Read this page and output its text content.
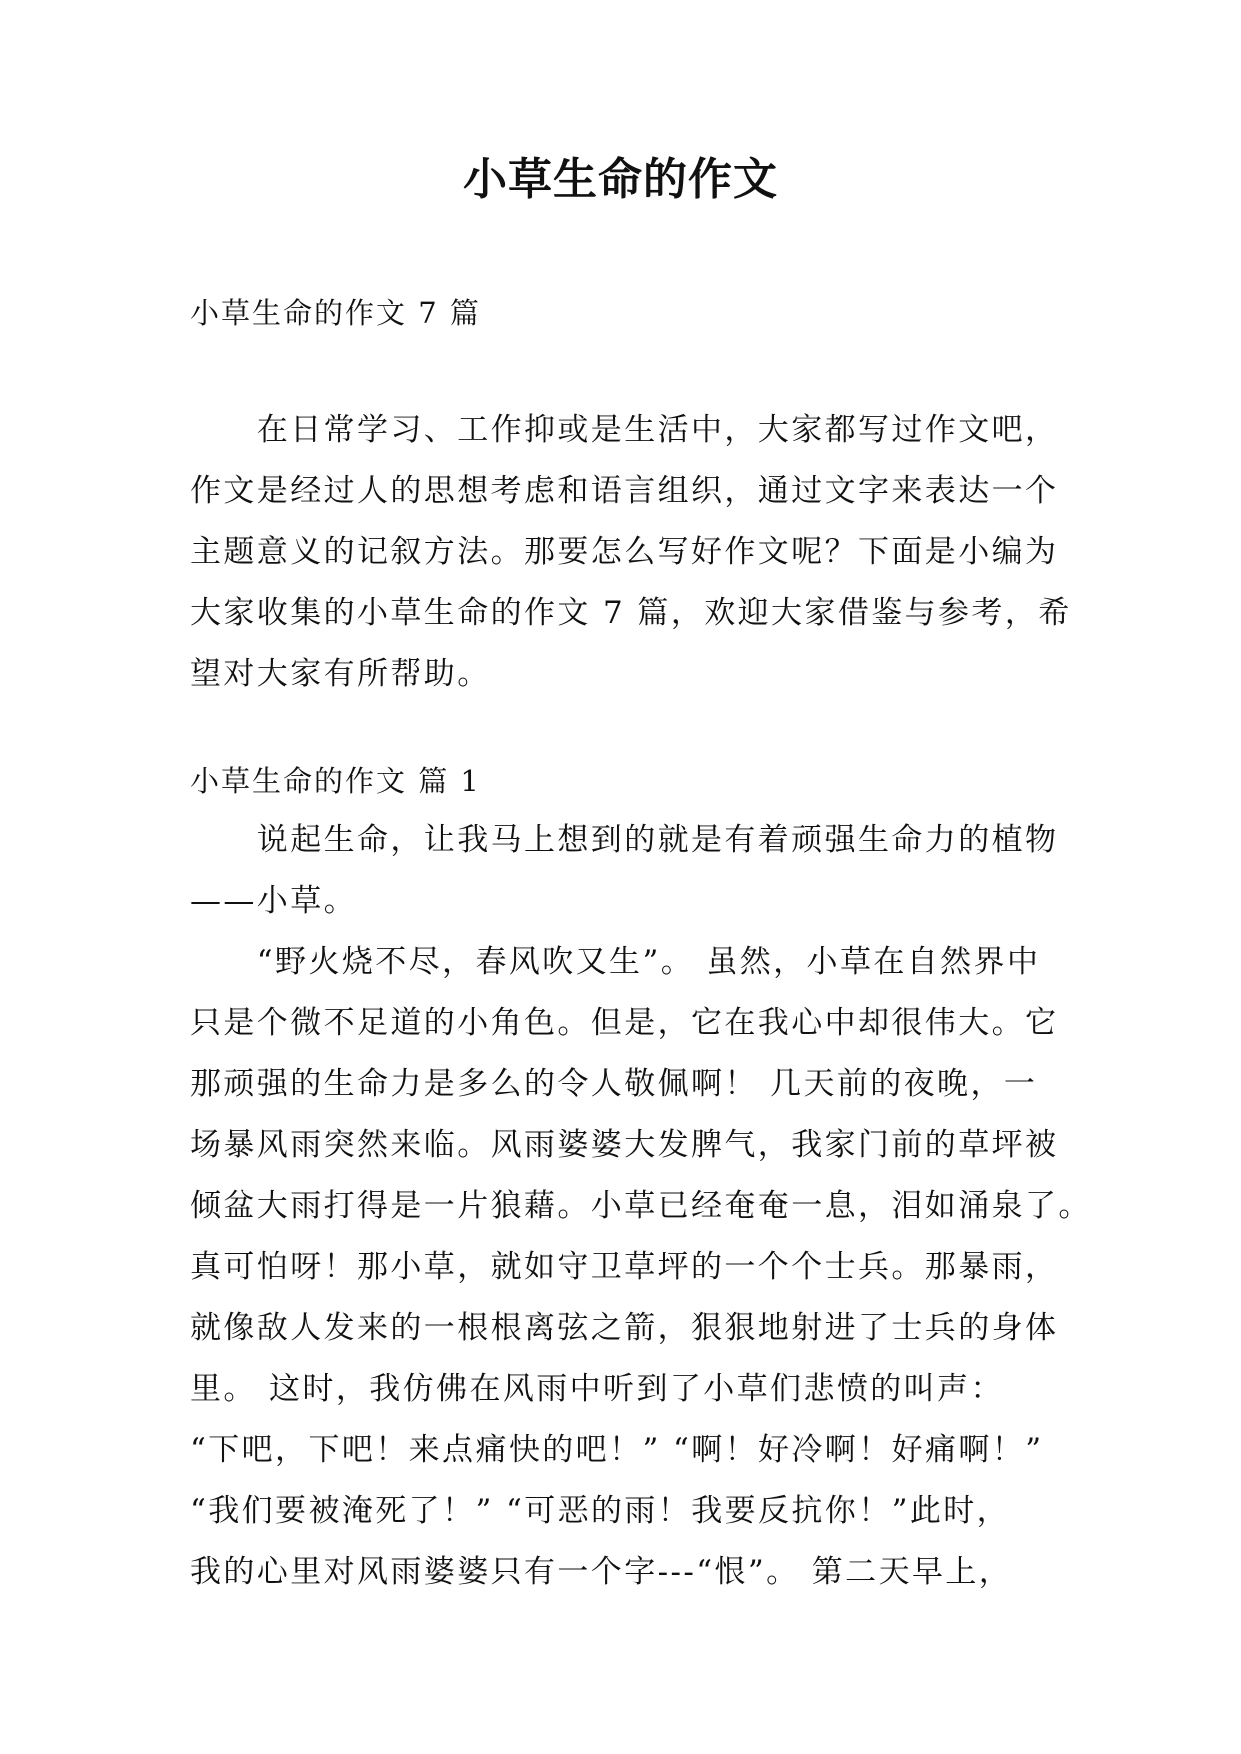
小草生命的作文
小草生命的作文 7 篇
　　在日常学习、工作抑或是生活中，大家都写过作文吧，
作文是经过人的思想考虑和语言组织，通过文字来表达一个
主题意义的记叙方法。那要怎么写好作文呢？下面是小编为
大家收集的小草生命的作文 7 篇，欢迎大家借鉴与参考，希
望对大家有所帮助。
小草生命的作文 篇 1
　　说起生命，让我马上想到的就是有着顽强生命力的植物
——小草。
　　“野火烧不尽，春风吹又生”。 虽然，小草在自然界中
只是个微不足道的小角色。但是，它在我心中却很伟大。它
那顽强的生命力是多么的令人敬佩啊！ 几天前的夜晚，一
场暴风雨突然来临。风雨婆婆大发脾气，我家门前的草坪被
倾盆大雨打得是一片狼藉。小草已经奄奄一息，泪如涌泉了。
真可怕呀！那小草，就如守卫草坪的一个个士兵。那暴雨，
就像敌人发来的一根根离弦之箭，狠狠地射进了士兵的身体
里。 这时，我仿佛在风雨中听到了小草们悲愤的叫声：
“下吧，下吧！来点痛快的吧！” “啊！好冷啊！好痛啊！”
“我们要被淹死了！” “可恶的雨！我要反抗你！”此时，
我的心里对风雨婆婆只有一个字---“恨”。 第二天早上，
